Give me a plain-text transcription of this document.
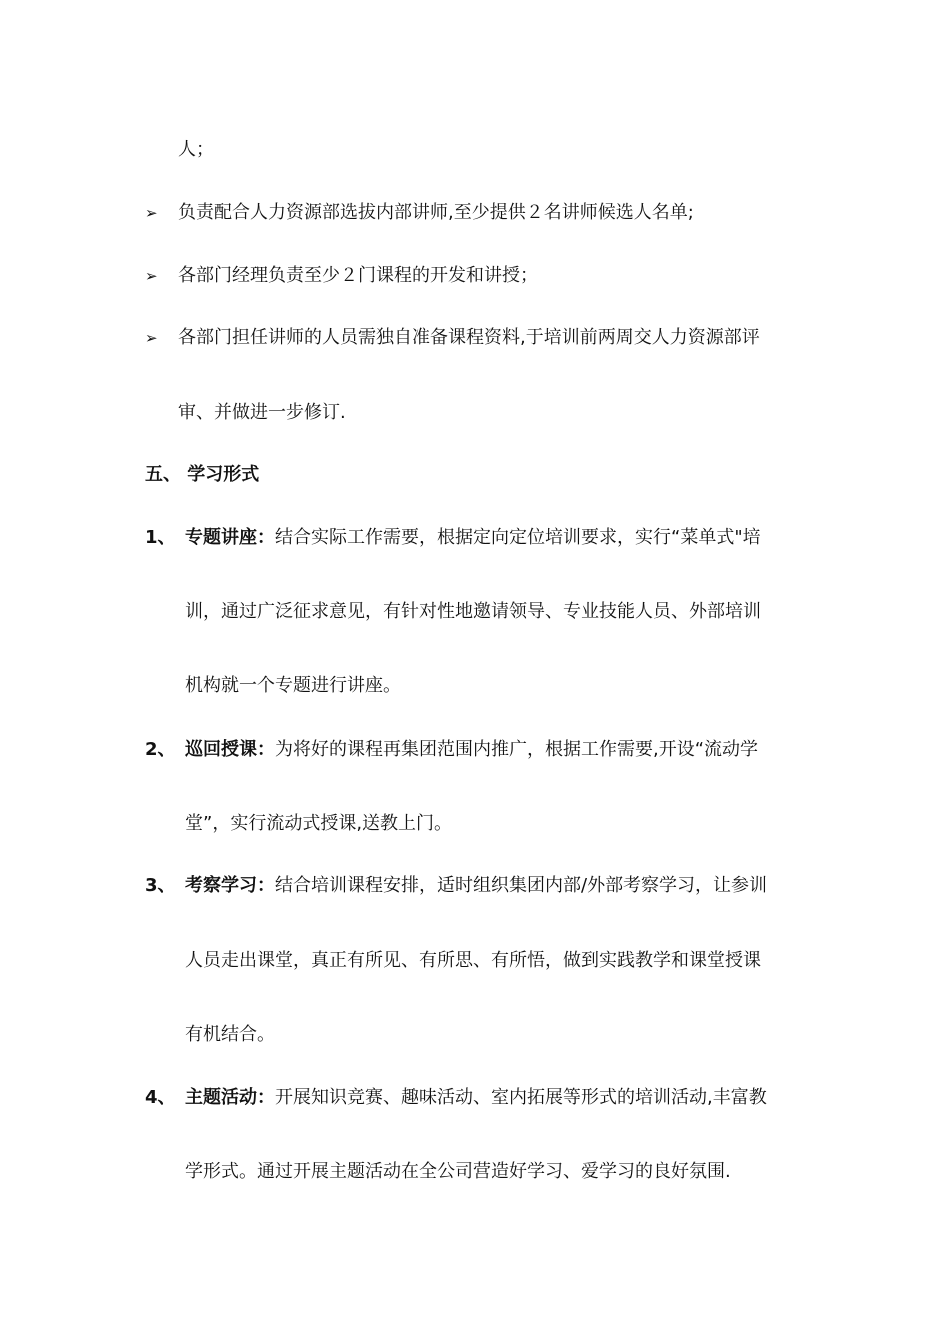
人；
➢ 负责配合人力资源部选拔内部讲师,至少提供２名讲师候选人名单;
➢ 各部门经理负责至少２门课程的开发和讲授；
➢ 各部门担任讲师的人员需独自准备课程资料,于培训前两周交人力资源部评
审、并做进一步修订.
五、 学习形式
1、 专题讲座：结合实际工作需要，根据定向定位培训要求，实行“菜单式"培
训，通过广泛征求意见，有针对性地邀请领导、专业技能人员、外部培训
机构就一个专题进行讲座。
2、 巡回授课：为将好的课程再集团范围内推广，根据工作需要,开设“流动学
堂”，实行流动式授课,送教上门。
3、 考察学习：结合培训课程安排，适时组织集团内部/外部考察学习，让参训
人员走出课堂，真正有所见、有所思、有所悟，做到实践教学和课堂授课
有机结合。
4、 主题活动：开展知识竞赛、趣味活动、室内拓展等形式的培训活动,丰富教
学形式。通过开展主题活动在全公司营造好学习、爱学习的良好氛围.
